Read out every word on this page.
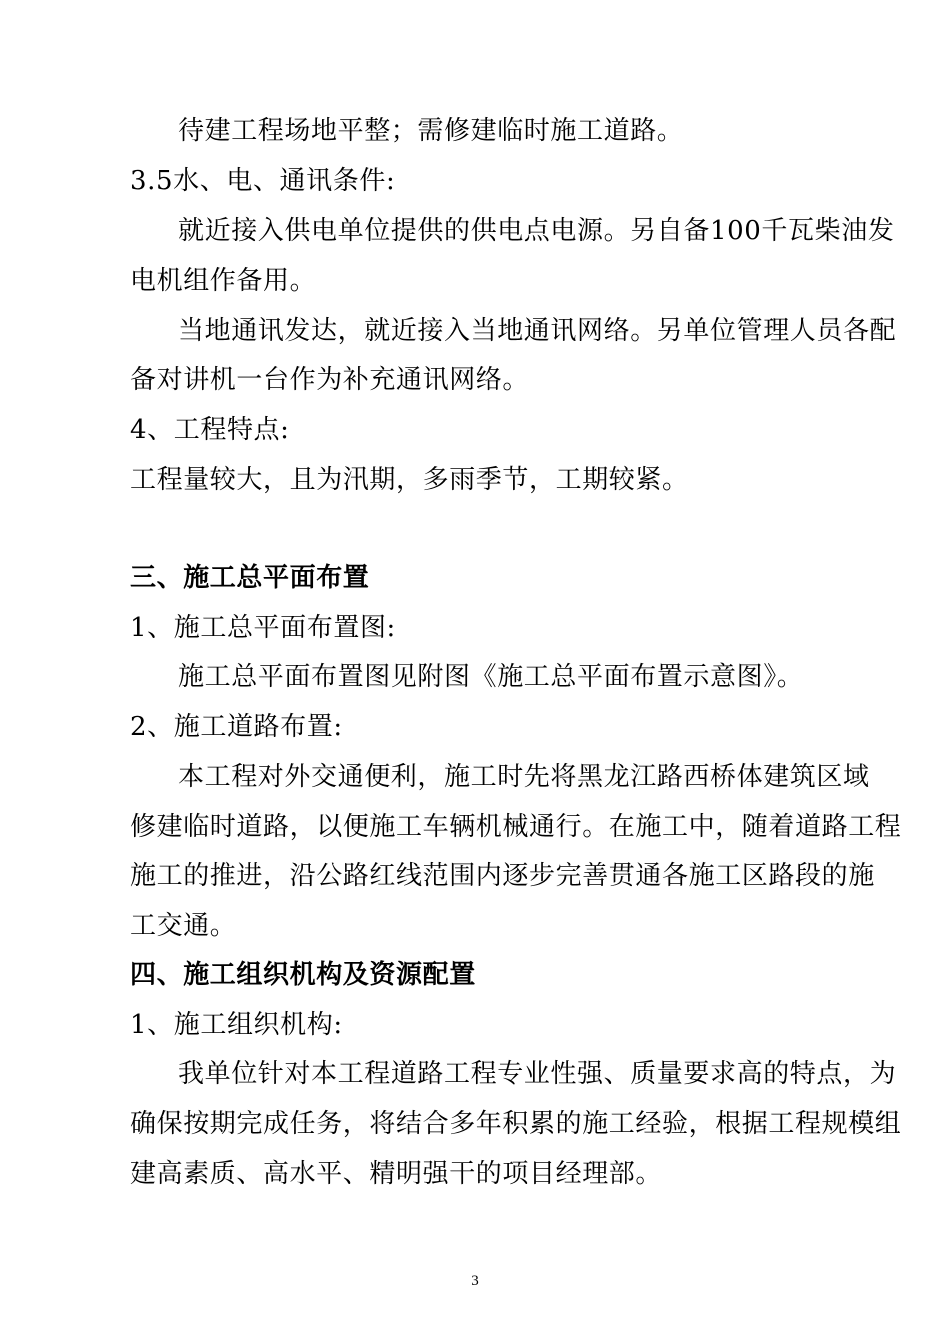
待建工程场地平整；需修建临时施工道路。
3.5水、电、通讯条件:
就近接入供电单位提供的供电点电源。另自备100千瓦柴油发
电机组作备用。
当地通讯发达，就近接入当地通讯网络。另单位管理人员各配
备对讲机一台作为补充通讯网络。
4、工程特点:
工程量较大，且为汛期，多雨季节，工期较紧。
三、施工总平面布置
1、施工总平面布置图:
施工总平面布置图见附图《施工总平面布置示意图》。
2、施工道路布置:
本工程对外交通便利，施工时先将黑龙江路西桥体建筑区域
修建临时道路，以便施工车辆机械通行。在施工中，随着道路工程
施工的推进，沿公路红线范围内逐步完善贯通各施工区路段的施
工交通。
四、施工组织机构及资源配置
1、施工组织机构:
我单位针对本工程道路工程专业性强、质量要求高的特点，为
确保按期完成任务，将结合多年积累的施工经验，根据工程规模组
建高素质、高水平、精明强干的项目经理部。
3
